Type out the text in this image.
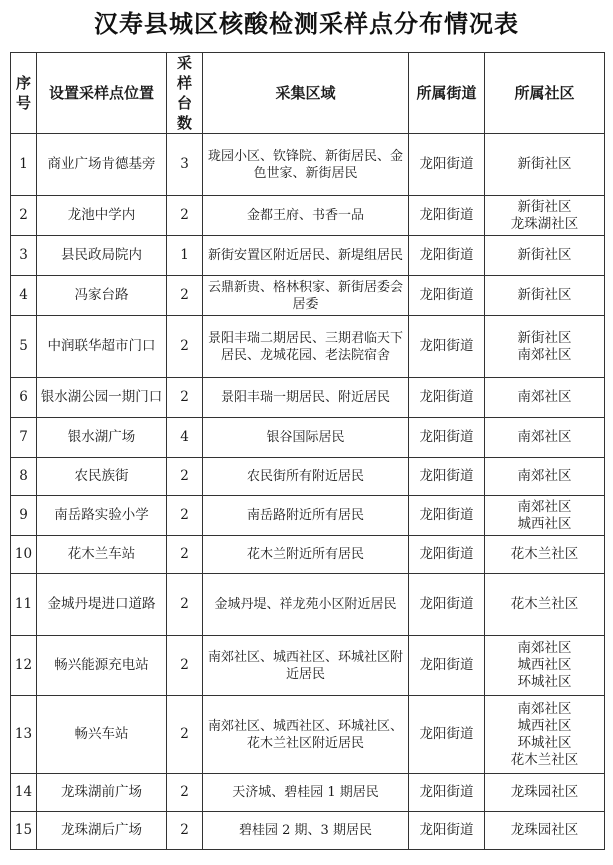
汉寿县城区核酸检测采样点分布情况表
序号	设置采样点位置	采样台数	采集区域	所属街道	所属社区
1	商业广场肯德基旁	3	珑园小区、钦锋院、新街居民、金色世家、新街居民	龙阳街道	新街社区

2	龙池中学内	2	金都王府、书香一品	龙阳街道	新街社区
龙珠湖社区

3	县民政局院内	1	新街安置区附近居民、新堤组居民	龙阳街道	新街社区

4	冯家台路	2	云鼎新贵、格林积家、新街居委会居委	龙阳街道	新街社区

5	中润联华超市门口	2	景阳丰瑞二期居民、三期君临天下居民、龙城花园、老法院宿舍	龙阳街道	新街社区
南郊社区

6	银水湖公园一期门口	2	景阳丰瑞一期居民、附近居民	龙阳街道	南郊社区

7	银水湖广场	4	银谷国际居民	龙阳街道	南郊社区

8	农民族街	2	农民街所有附近居民	龙阳街道	南郊社区

9	南岳路实验小学	2	南岳路附近所有居民	龙阳街道	南郊社区
城西社区

10	花木兰车站	2	花木兰附近所有居民	龙阳街道	花木兰社区

11	金城丹堤进口道路	2	金城丹堤、祥龙苑小区附近居民	龙阳街道	花木兰社区

12	畅兴能源充电站	2	南郊社区、城西社区、环城社区附近居民	龙阳街道	南郊社区
城西社区
环城社区

13	畅兴车站	2	南郊社区、城西社区、环城社区、花木兰社区附近居民	龙阳街道	南郊社区
城西社区
环城社区
花木兰社区

14	龙珠湖前广场	2	天济城、碧桂园 1 期居民	龙阳街道	龙珠园社区

15	龙珠湖后广场	2	碧桂园 2 期、3 期居民	龙阳街道	龙珠园社区
